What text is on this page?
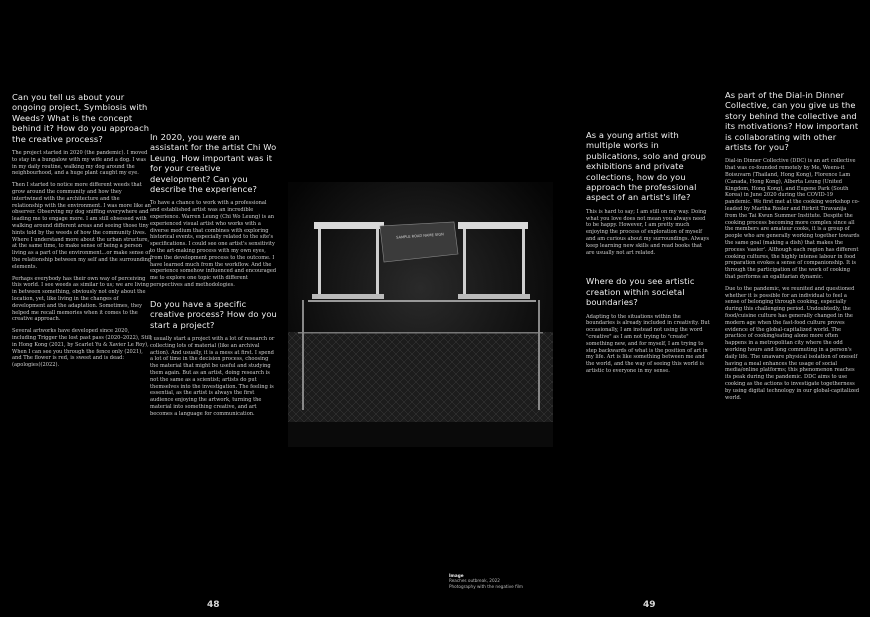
Can you tell us about your ongoing project, Symbiosis with Weeds? What is the concept behind it? How do you approach the creative process?
The project started in 2020 (the pandemic). I moved to stay in a bungalow with my wife and a dog. I was in my daily routine, walking my dog around the neighbourhood, and a huge plant caught my eye.
Then I started to notice more different weeds that grow around the community and how they intertwined with the architecture and the relationship with the environment. I was more like an observer. Observing my dog sniffing everywhere and leading me to engage more. I am still obsessed with walking around different areas and seeing those tiny hints told by the weeds of how the community lives. Where I understand more about the urban structure, at the same time, to make sense of being a person living as a part of the environment...or make sense of the relationship between my self and the surrounding elements.
Perhaps everybody has their own way of perceiving this world. I see weeds as similar to us; we are living in between something, obviously not only about the location, yet, like living in the changes of development and the adaptation. Sometimes, they helped me recall memories when it comes to the creative approach.
Several artworks have developed since 2020, including Trigger the lost past pass (2020–2022), Still in Hong Kong (2021, by Scarlet Yu & Xavier Le Roy), When I can see you through the fence only (2021), and The flower is red, is sweet and is dead: (apologies)(2022).
In 2020, you were an assistant for the artist Chi Wo Leung. How important was it for your creative development? Can you describe the experience?
To have a chance to work with a professional and established artist was an incredible experience. Warren Leung (Chi Wo Leung) is an experienced visual artist who works with a diverse medium that combines with exploring historical events, especially related to the site's specifications. I could see one artist's sensitivity to the art-making process with my own eyes, from the development process to the outcome. I have learned much from the workflow. And the experience somehow influenced and encouraged me to explore one topic with different perspectives and methodologies.
Do you have a specific creative process? How do you start a project?
I usually start a project with a lot of research or collecting lots of material (like an archival action). And usually, it is a mess at first. I spend a lot of time in the decision process, choosing the material that might be useful and studying them again. But as an artist, doing research is not the same as a scientist; artists do put themselves into the investigation. The feeling is essential, as the artist is always the first audience enjoying the artwork, turning the material into something creative, and art becomes a language for communication.
SAMPLE ROAD NAME SIGN
As a young artist with multiple works in publications, solo and group exhibitions and private collections, how do you approach the professional aspect of an artist's life?
This is hard to say; I am still on my way. Doing what you love does not mean you always need to be happy. However, I am pretty much enjoying the process of exploration of myself and am curious about my surroundings. Always keep learning new skills and read books that are usually not art related.
Where do you see artistic creation within societal boundaries?
Adapting to the situations within the boundaries is already included in creativity. But occasionally, I am instead not using the word "creative" as I am not trying to "create" something new, and for myself, I am trying to step backwards of what is the position of art in my life. Art is like something between me and the world, and the way of seeing this world is artistic to everyone in my sense.
As part of the Dial-in Dinner Collective, can you give us the story behind the collective and its motivations? How important is collaborating with other artists for you?
Dial-in Dinner Collective (DDC) is an art collective that was co-founded remotely by Me, Weera-it Boisuvarn (Thailand, Hong Kong), Florence Lam (Canada, Hong Kong), Alberta Leung (United Kingdom, Hong Kong), and Eugene Park (South Korea) in June 2020 during the COVID-19 pandemic. We first met at the cooking workshop co-leaded by Martha Rosler and Rirkrit Tiravanija from the Tai Kwun Summer Institute. Despite the cooking process becoming more complex since all the members are amateur cooks, it is a group of people who are generally working together towards the same goal (making a dish) that makes the process 'easier'. Although each region has different cooking cultures, the highly intense labour in food preparation evokes a sense of companionship. It is through the participation of the work of cooking that performs an egalitarian dynamic.
Due to the pandemic, we reunited and questioned whether it is possible for an individual to feel a sense of belonging through cooking, especially during this challenging period. Undoubtedly, the food/cuisine culture has generally changed in the modern age when the fast-food culture proves evidence of the global-capitalized world. The practice of cooking/eating alone more often happens in a metropolitan city where the odd working hours and long commuting in a person's daily life. The unaware physical isolation of oneself having a meal enhances the usage of social media/online platforms; this phenomenon reaches its peak during the pandemic. DDC aims to use cooking as the actions to investigate togetherness by using digital technology in our global-capitalized world.
Image
Reaches outbreak, 2022
Photography with the negative film
48	49
